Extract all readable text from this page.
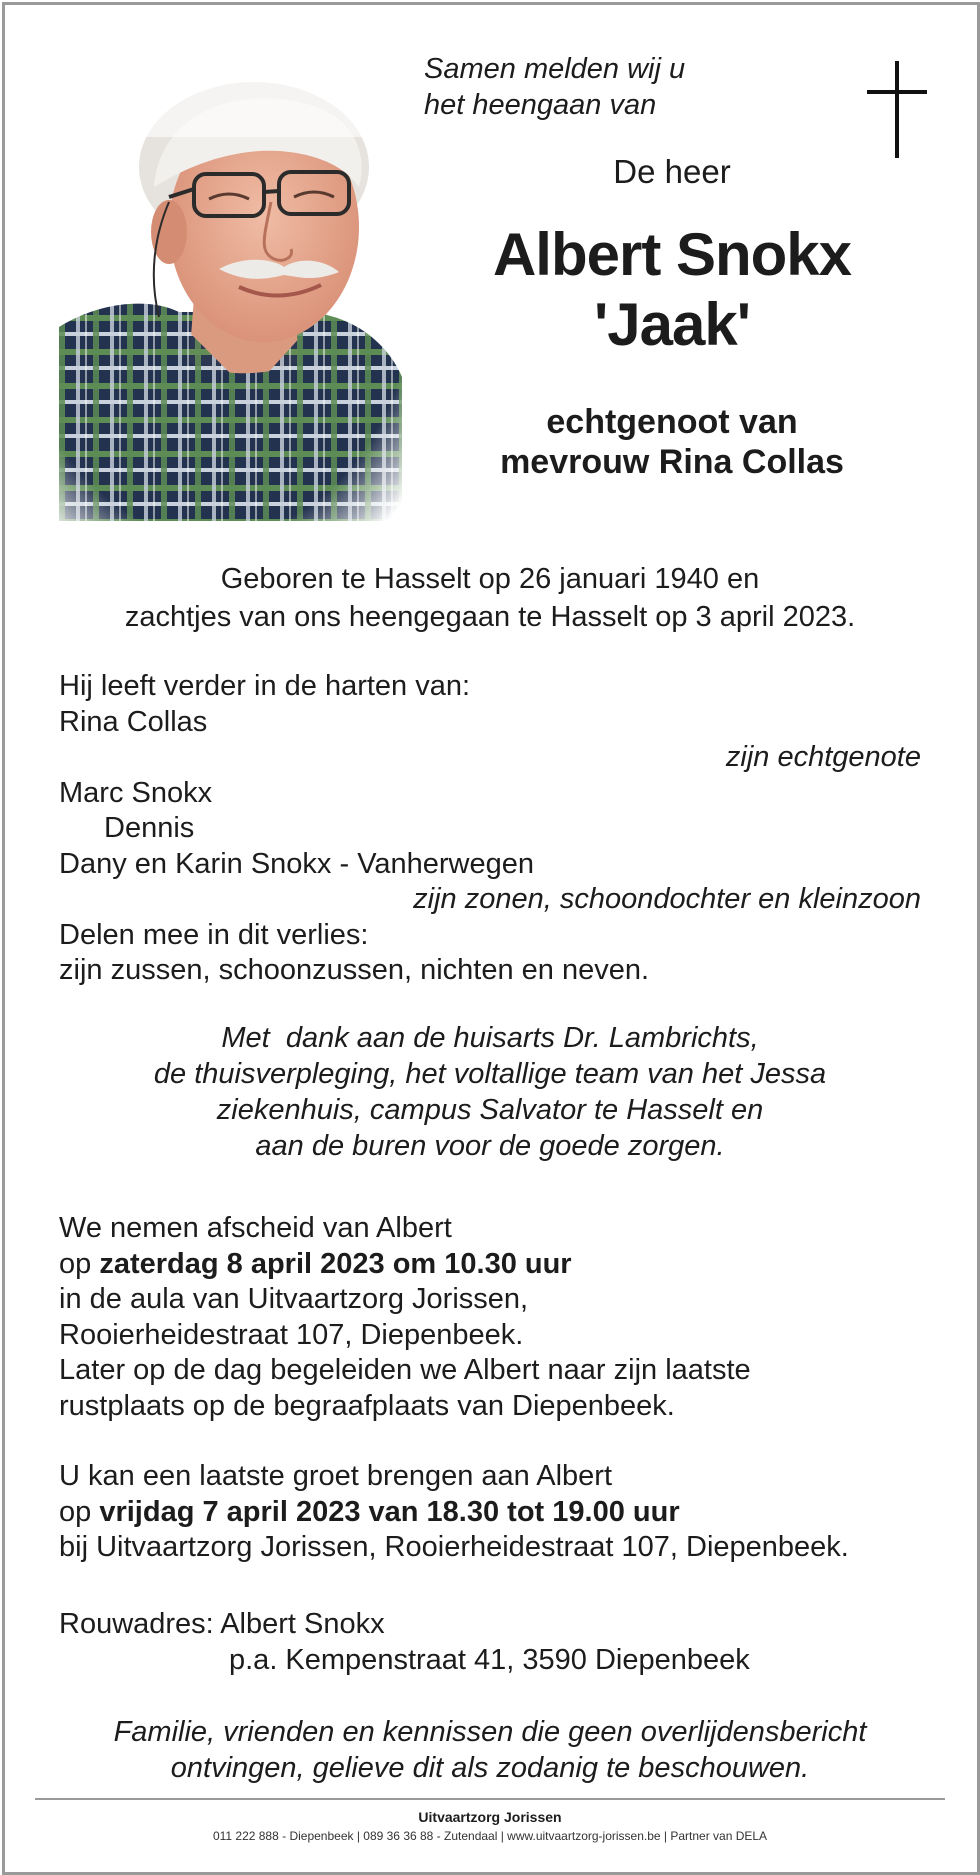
Samen melden wij u
het heengaan van
De heer
Albert Snokx
'Jaak'
echtgenoot van
mevrouw Rina Collas
Geboren te Hasselt op 26 januari 1940 en
zachtjes van ons heengegaan te Hasselt op 3 april 2023.
Hij leeft verder in de harten van:
Rina Collas
zijn echtgenote
Marc Snokx
Dennis
Dany en Karin Snokx - Vanherwegen
zijn zonen, schoondochter en kleinzoon
Delen mee in dit verlies:
zijn zussen, schoonzussen, nichten en neven.
Met  dank aan de huisarts Dr. Lambrichts,
de thuisverpleging, het voltallige team van het Jessa
ziekenhuis, campus Salvator te Hasselt en
aan de buren voor de goede zorgen.
We nemen afscheid van Albert
op zaterdag 8 april 2023 om 10.30 uur
in de aula van Uitvaartzorg Jorissen,
Rooierheidestraat 107, Diepenbeek.
Later op de dag begeleiden we Albert naar zijn laatste
rustplaats op de begraafplaats van Diepenbeek.
U kan een laatste groet brengen aan Albert
op vrijdag 7 april 2023 van 18.30 tot 19.00 uur
bij Uitvaartzorg Jorissen, Rooierheidestraat 107, Diepenbeek.
Rouwadres: Albert Snokx
p.a. Kempenstraat 41, 3590 Diepenbeek
Familie, vrienden en kennissen die geen overlijdensbericht
ontvingen, gelieve dit als zodanig te beschouwen.
Uitvaartzorg Jorissen
011 222 888 - Diepenbeek | 089 36 36 88 - Zutendaal | www.uitvaartzorg-jorissen.be | Partner van DELA
